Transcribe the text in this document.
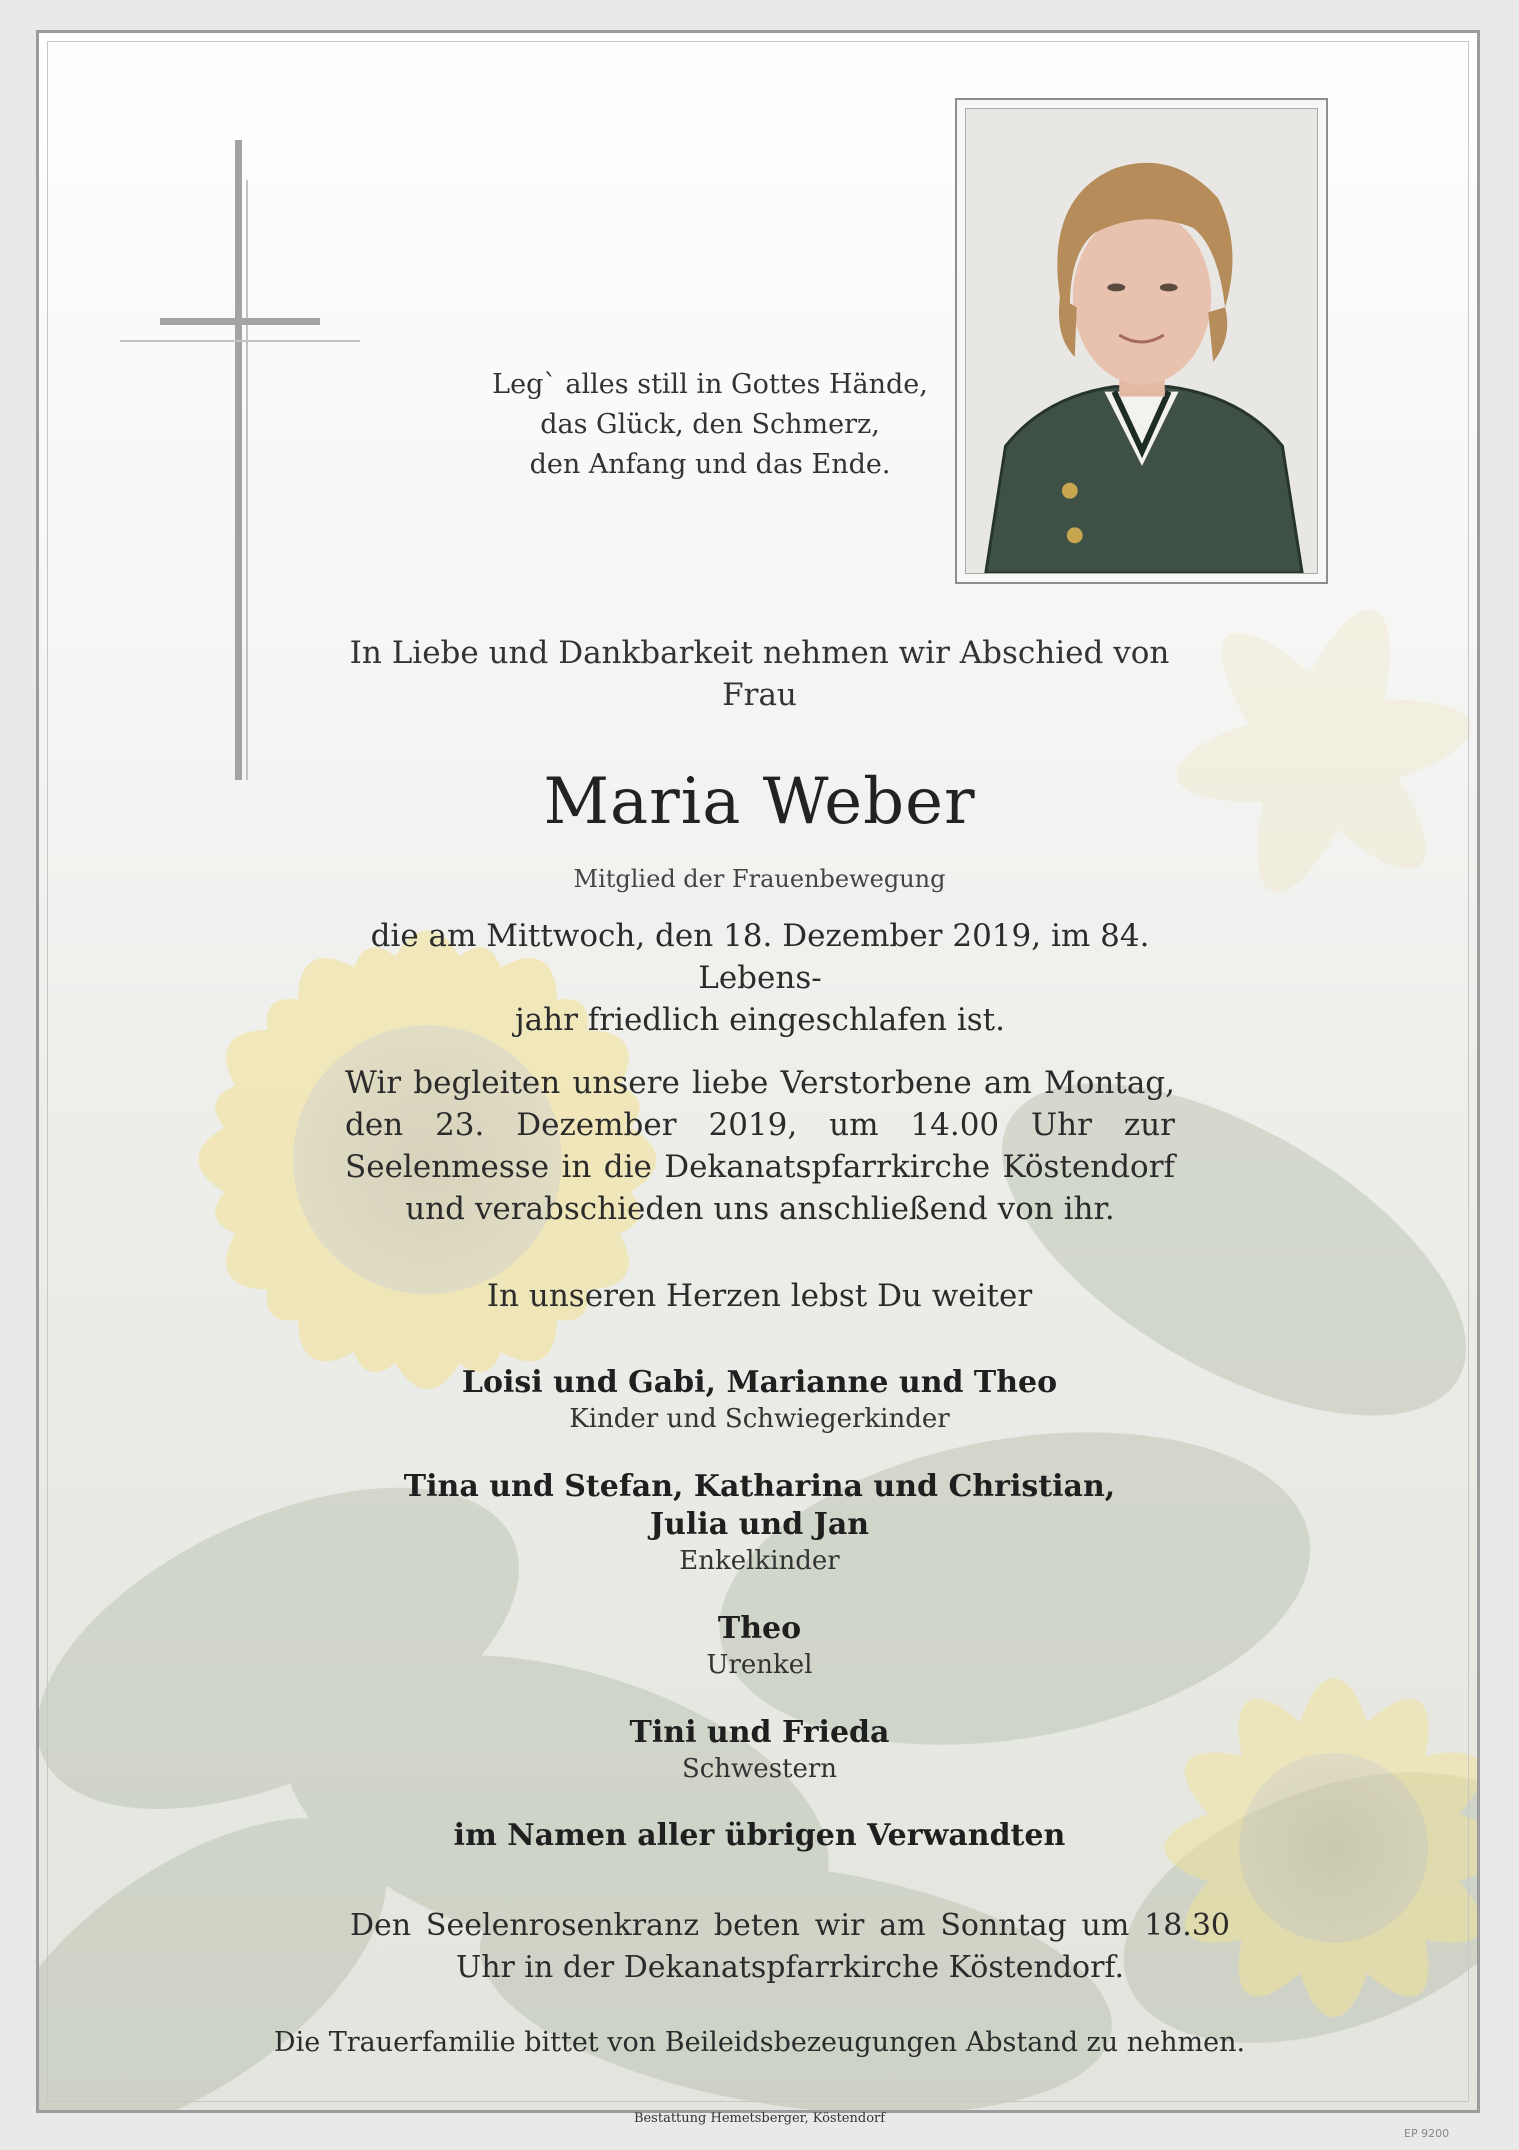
Leg` alles still in Gottes Hände,
das Glück, den Schmerz,
den Anfang und das Ende.
In Liebe und Dankbarkeit nehmen wir Abschied von
Frau
Maria Weber
Mitglied der Frauenbewegung
die am Mittwoch, den 18. Dezember 2019, im 84. Lebens-
jahr friedlich eingeschlafen ist.
Wir begleiten unsere liebe Verstorbene am Montag, den 23. Dezember 2019, um 14.00 Uhr zur Seelenmesse in die Dekanatspfarrkirche Köstendorf und verabschieden uns anschließend von ihr.
In unseren Herzen lebst Du weiter
Loisi und Gabi, Marianne und Theo
Kinder und Schwiegerkinder
Tina und Stefan, Katharina und Christian,
Julia und Jan
Enkelkinder
Theo
Urenkel
Tini und Frieda
Schwestern
im Namen aller übrigen Verwandten
Den Seelenrosenkranz beten wir am Sonntag um 18.30 Uhr in der Dekanatspfarrkirche Köstendorf.
Die Trauerfamilie bittet von Beileidsbezeugungen Abstand zu nehmen.
Bestattung Hemetsberger, Köstendorf
EP 9200
